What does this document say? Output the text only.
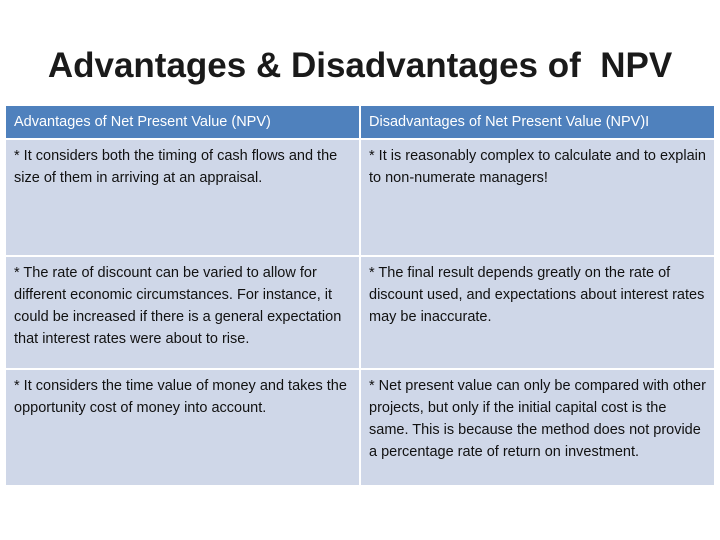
Advantages & Disadvantages of  NPV
Advantages of Net Present Value (NPV)	Disadvantages of Net Present Value (NPV)I
* It considers both the timing of cash flows and the size of them in arriving at an appraisal.	* It is reasonably complex to calculate and to explain to non-numerate managers!
* The rate of discount can be varied to allow for different economic circumstances. For instance, it could be increased if there is a general expectation that interest rates were about to rise.	* The final result depends greatly on the rate of discount used, and expectations about interest rates may be inaccurate.
* It considers the time value of money and takes the opportunity cost of money into account.	* Net present value can only be compared with other projects, but only if the initial capital cost is the same. This is because the method does not provide a percentage rate of return on investment.
